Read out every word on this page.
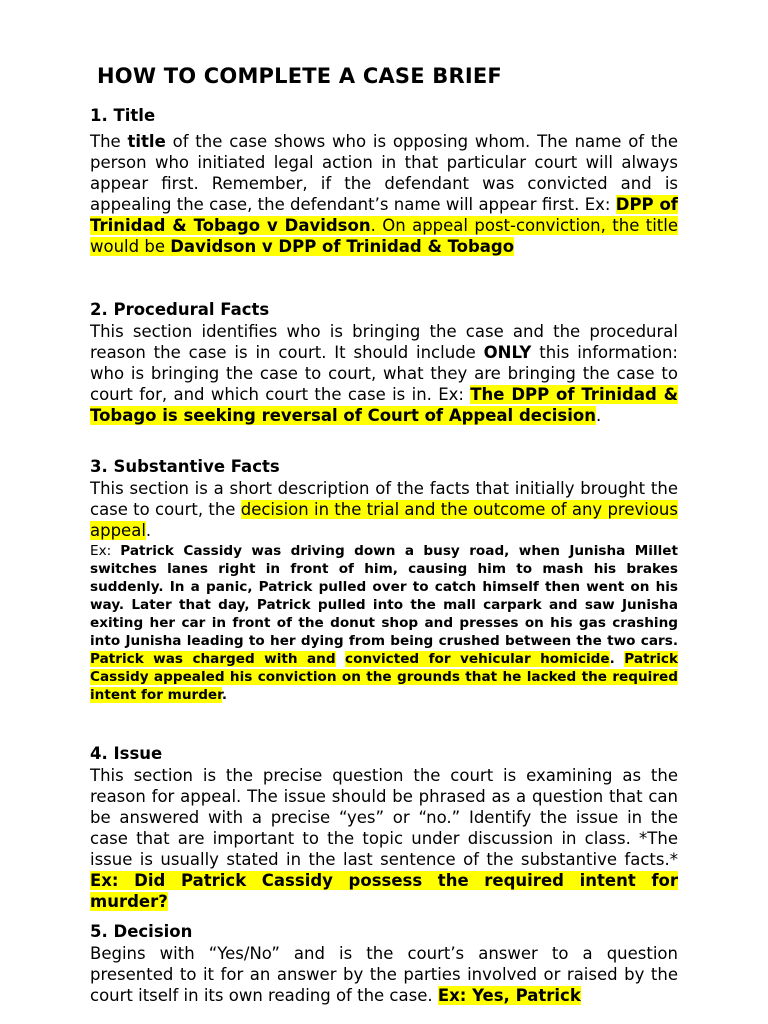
HOW TO COMPLETE A CASE BRIEF
1. Title
The title of the case shows who is opposing whom. The name of the person who initiated legal action in that particular court will always appear first. Remember, if the defendant was convicted and is appealing the case, the defendant’s name will appear first. Ex: DPP of Trinidad & Tobago v Davidson. On appeal post-conviction, the title would be Davidson v DPP of Trinidad & Tobago
2. Procedural Facts
This section identifies who is bringing the case and the procedural reason the case is in court. It should include ONLY this information: who is bringing the case to court, what they are bringing the case to court for, and which court the case is in. Ex: The DPP of Trinidad & Tobago is seeking reversal of Court of Appeal decision.
3. Substantive Facts
This section is a short description of the facts that initially brought the case to court, the decision in the trial and the outcome of any previous appeal.
Ex: Patrick Cassidy was driving down a busy road, when Junisha Millet switches lanes right in front of him, causing him to mash his brakes suddenly. In a panic, Patrick pulled over to catch himself then went on his way. Later that day, Patrick pulled into the mall carpark and saw Junisha exiting her car in front of the donut shop and presses on his gas crashing into Junisha leading to her dying from being crushed between the two cars. Patrick was charged with and convicted for vehicular homicide. Patrick Cassidy appealed his conviction on the grounds that he lacked the required intent for murder.
4. Issue
This section is the precise question the court is examining as the reason for appeal. The issue should be phrased as a question that can be answered with a precise “yes” or “no.” Identify the issue in the case that are important to the topic under discussion in class. *The issue is usually stated in the last sentence of the substantive facts.* Ex: Did Patrick Cassidy possess the required intent for murder?
5. Decision
Begins with “Yes/No” and is the court’s answer to a question presented to it for an answer by the parties involved or raised by the court itself in its own reading of the case. Ex: Yes, Patrick
